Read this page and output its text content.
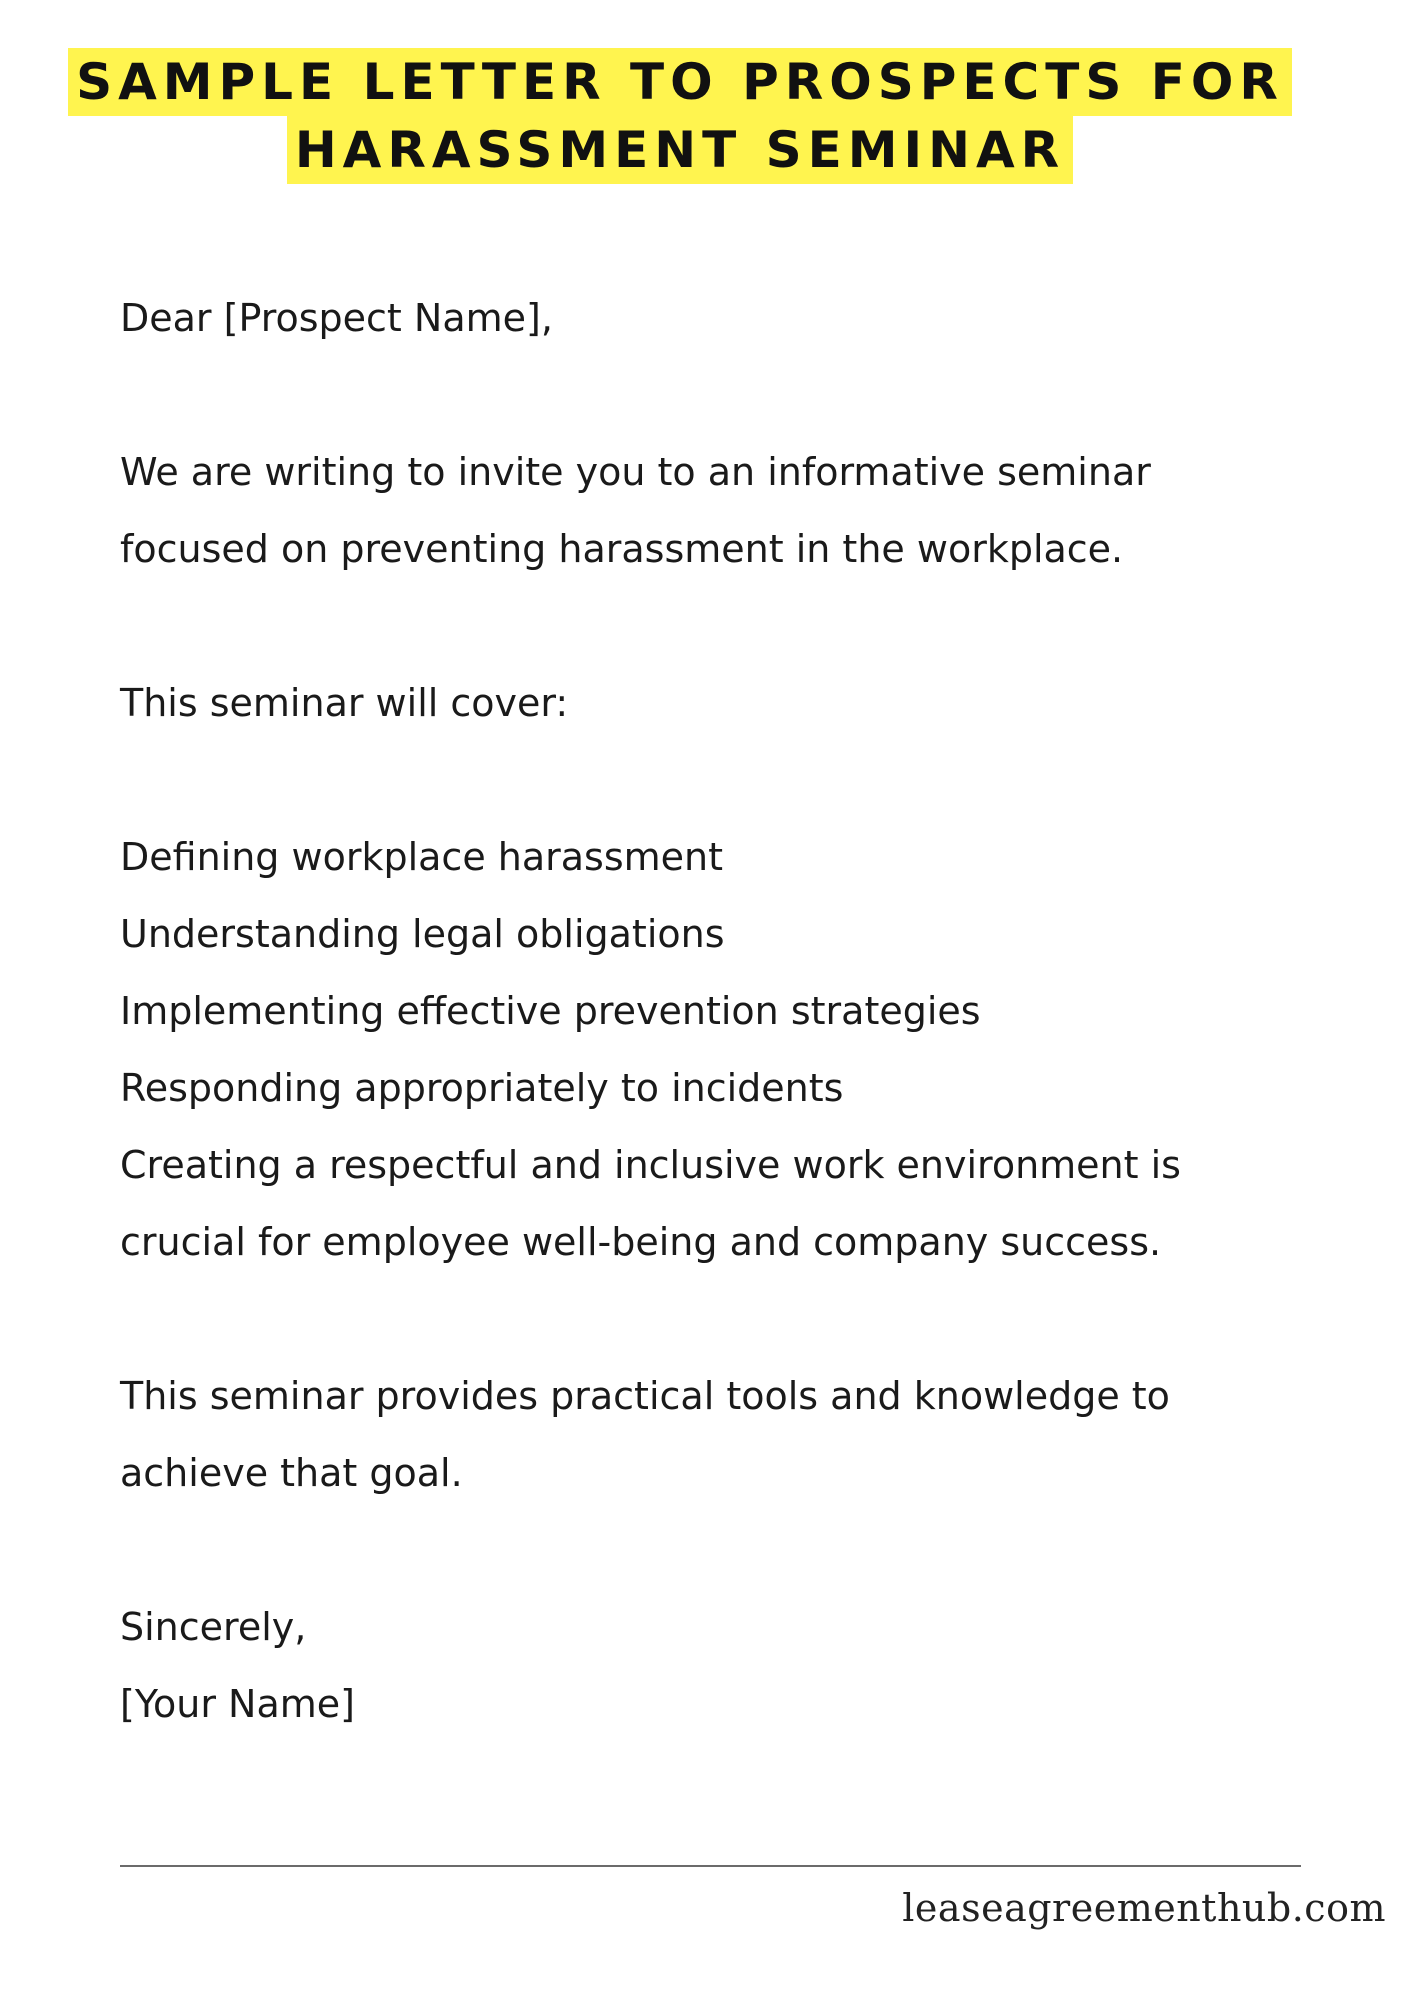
SAMPLE LETTER TO PROSPECTS FOR
HARASSMENT SEMINAR

Dear [Prospect Name],

We are writing to invite you to an informative seminar

focused on preventing harassment in the workplace.

This seminar will cover:

Defining workplace harassment
Understanding legal obligations
Implementing effective prevention strategies
Responding appropriately to incidents

Creating a respectful and inclusive work environment is

crucial for employee well-being and company success.

This seminar provides practical tools and knowledge to

achieve that goal.

Sincerely,

[Your Name]

leaseagreementhub.com
